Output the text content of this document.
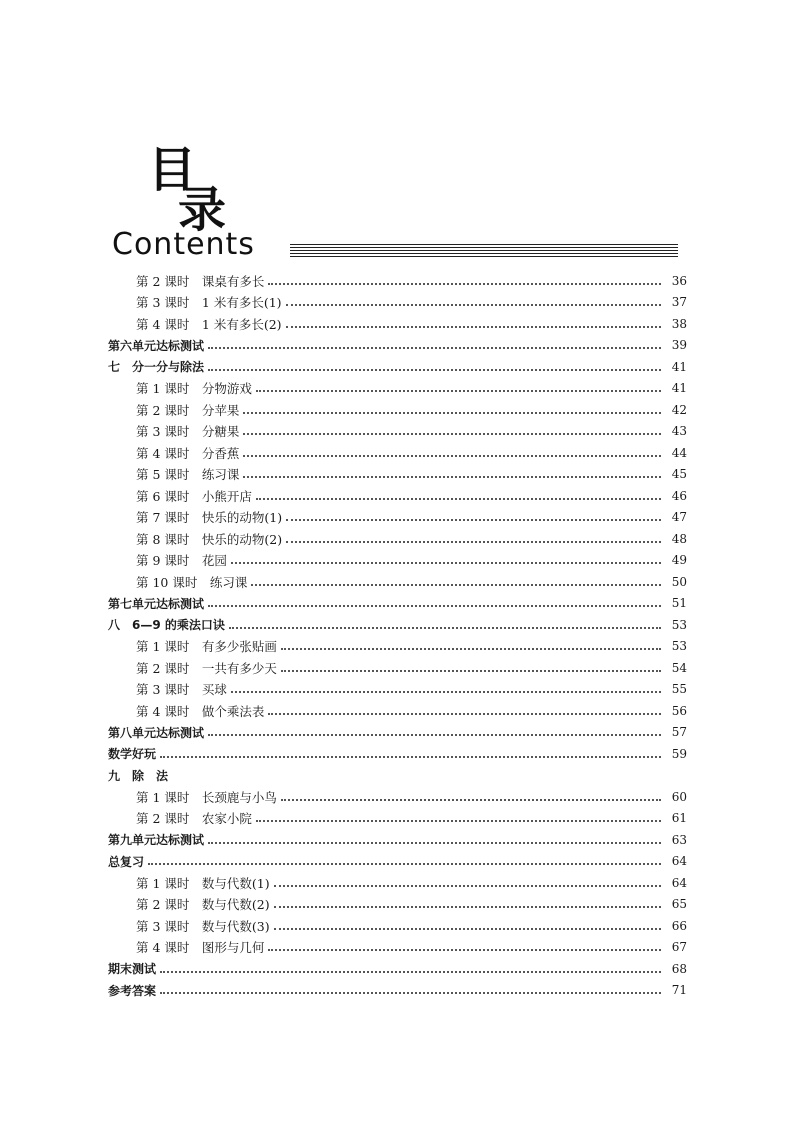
目
录
Contents
第 2 课时　课桌有多长	36
第 3 课时　1 米有多长(1)	37
第 4 课时　1 米有多长(2)	38
第六单元达标测试	39
七　分一分与除法	41
第 1 课时　分物游戏	41
第 2 课时　分苹果	42
第 3 课时　分糖果	43
第 4 课时　分香蕉	44
第 5 课时　练习课	45
第 6 课时　小熊开店	46
第 7 课时　快乐的动物(1)	47
第 8 课时　快乐的动物(2)	48
第 9 课时　花园	49
第 10 课时　练习课	50
第七单元达标测试	51
八　6—9 的乘法口诀	53
第 1 课时　有多少张贴画	53
第 2 课时　一共有多少天	54
第 3 课时　买球	55
第 4 课时　做个乘法表	56
第八单元达标测试	57
数学好玩	59
九　除　法
第 1 课时　长颈鹿与小鸟	60
第 2 课时　农家小院	61
第九单元达标测试	63
总复习	64
第 1 课时　数与代数(1)	64
第 2 课时　数与代数(2)	65
第 3 课时　数与代数(3)	66
第 4 课时　图形与几何	67
期末测试	68
参考答案	71
